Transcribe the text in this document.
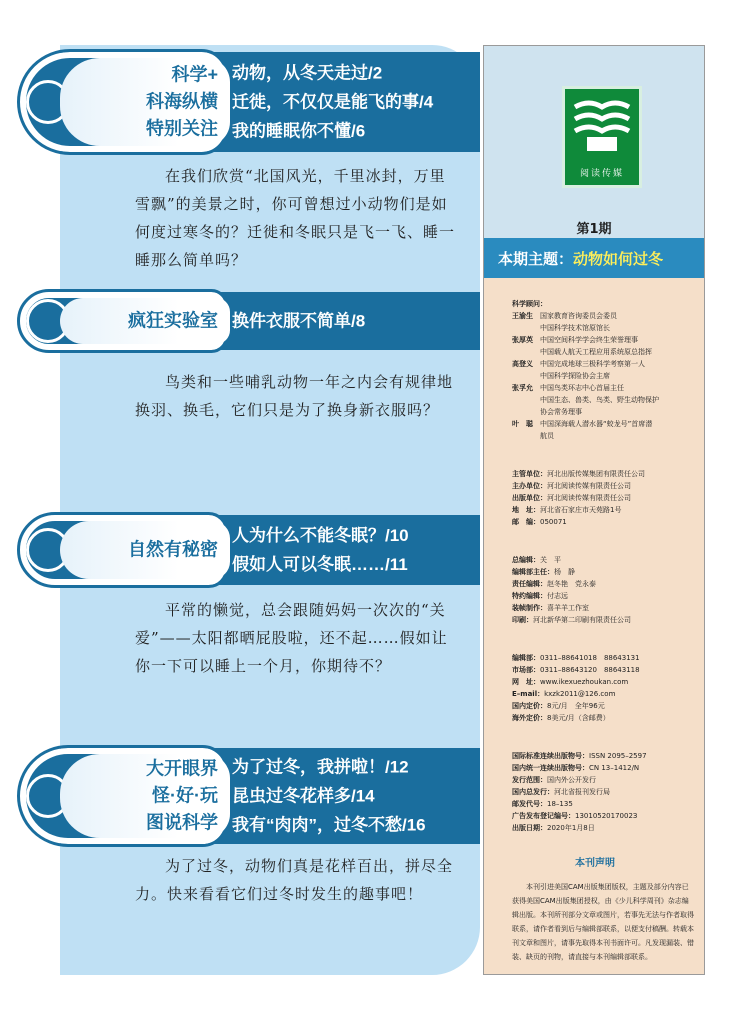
科学+
科海纵横
特别关注
动物，从冬天走过/2
迁徙，不仅仅是能飞的事/4
我的睡眠你不懂/6
在我们欣赏“北国风光，千里冰封，万里雪飘”的美景之时，你可曾想过小动物们是如何度过寒冬的？迁徙和冬眠只是飞一飞、睡一睡那么简单吗？
疯狂实验室 换件衣服不简单/8
鸟类和一些哺乳动物一年之内会有规律地换羽、换毛，它们只是为了换身新衣服吗？
自然有秘密
人为什么不能冬眠？/10
假如人可以冬眠……/11
平常的懒觉，总会跟随妈妈一次次的“关爱”——太阳都晒屁股啦，还不起……假如让你一下可以睡上一个月，你期待不？
大开眼界
怪·好·玩
图说科学
为了过冬，我拼啦！/12
昆虫过冬花样多/14
我有“肉肉”，过冬不愁/16
为了过冬，动物们真是花样百出，拼尽全力。快来看看它们过冬时发生的趣事吧！
阅读传媒
第1期
本期主题：动物如何过冬
科学顾问：
王渝生	国家教育咨询委员会委员
中国科学技术馆原馆长
张厚英	中国空间科学学会终生荣誉理事
中国载人航天工程应用系统原总指挥
高登义	中国完成地球三极科学考察第一人
中国科学探险协会主席
张孚允	中国鸟类环志中心首届主任
中国生态、兽类、鸟类、野生动物保护
协会常务理事
叶　聪	中国深海载人潜水器“蛟龙号”首席潜
航员
主管单位：河北出版传媒集团有限责任公司
主办单位：河北阅读传媒有限责任公司
出版单位：河北阅读传媒有限责任公司
地　址：河北省石家庄市天苑路1号
邮　编：050071
总编辑：关　平
编辑部主任：杨　静
责任编辑：赵冬艳　党永泰
特约编辑：付志远
装帧制作：喜羊羊工作室
印刷：河北新华第二印刷有限责任公司
编辑部：0311–88641018　88643131
市场部：0311–88643120　88643118
网　址：www.ikexuezhoukan.com
E–mail：kxzk2011@126.com
国内定价：8元/月　全年96元
海外定价：8美元/月（含邮费）
国际标准连续出版物号：ISSN 2095–2597
国内统一连续出版物号：CN 13–1412/N
发行范围：国内外公开发行
国内总发行：河北省报刊发行局
邮发代号：18–135
广告发布登记编号：1301052017002З
出版日期：2020年1月8日
本刊声明
本刊引进美国CAM出版集团版权，主题及部分内容已获得美国CAM出版集团授权，由《少儿科学周刊》杂志编辑出版。本刊所刊部分文章或图片，若事先无法与作者取得联系，请作者看到后与编辑部联系，以便支付稿酬。转载本刊文章和图片，请事先取得本刊书面许可。凡发现漏装、错装、缺页的刊物，请直接与本刊编辑部联系。
